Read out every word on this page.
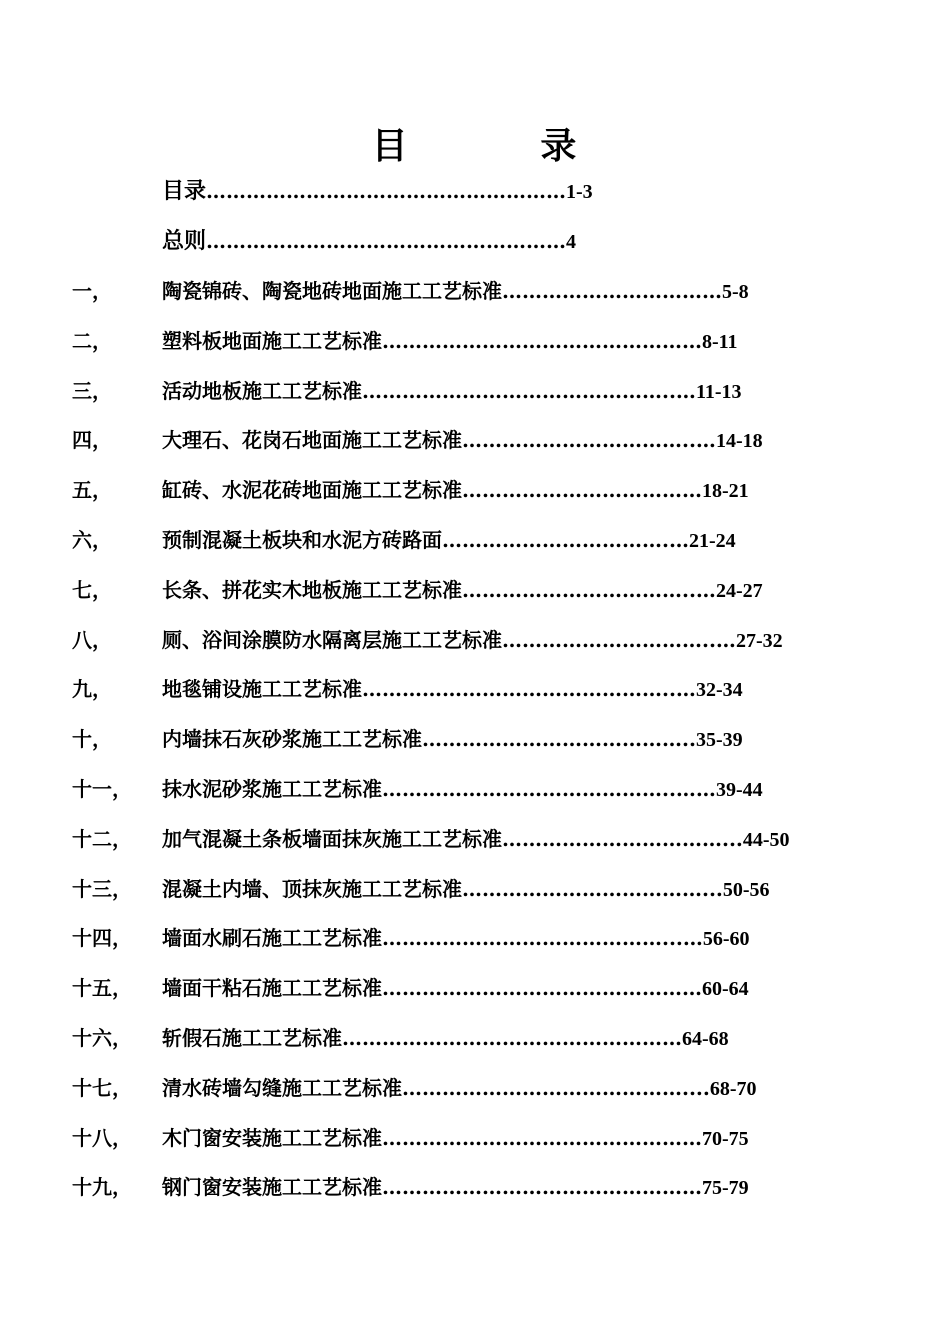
目         录
目录………………………………………………1-3
总则………………………………………………4
一，	陶瓷锦砖、陶瓷地砖地面施工工艺标准……………………………5-8
二，	塑料板地面施工工艺标准…………………………………………8-11
三，	活动地板施工工艺标准………………………………………..…11-13
四，	大理石、花岗石地面施工工艺标准……………………………..…14-18
五，	缸砖、水泥花砖地面施工工艺标准………………………………18-21
六，	预制混凝土板块和水泥方砖路面…………………………….…21-24
七，	长条、拼花实木地板施工工艺标准……………………………..…24-27
八，	厕、浴间涂膜防水隔离层施工工艺标准…………………………..…27-32
九，	地毯铺设施工工艺标准………………………………………..…32-34
十，	内墙抹石灰砂浆施工工艺标准…………………………………..35-39
十一， 抹水泥砂浆施工工艺标准……………………………………..……39-44
十二， 加气混凝土条板墙面抹灰施工工艺标准……………………………...44-50
十三， 混凝土内墙、顶抹灰施工工艺标准………………………………...50-56
十四， 墙面水刷石施工工艺标准……………………………………...…56-60
十五， 墙面干粘石施工工艺标准…………………………………………60-64
十六， 斩假石施工工艺标准……………………………………………64-68
十七， 清水砖墙勾缝施工工艺标准……………………………………....68-70
十八， 木门窗安装施工工艺标准…………………………………………70-75
十九， 钢门窗安装施工工艺标准…………………………………………75-79
